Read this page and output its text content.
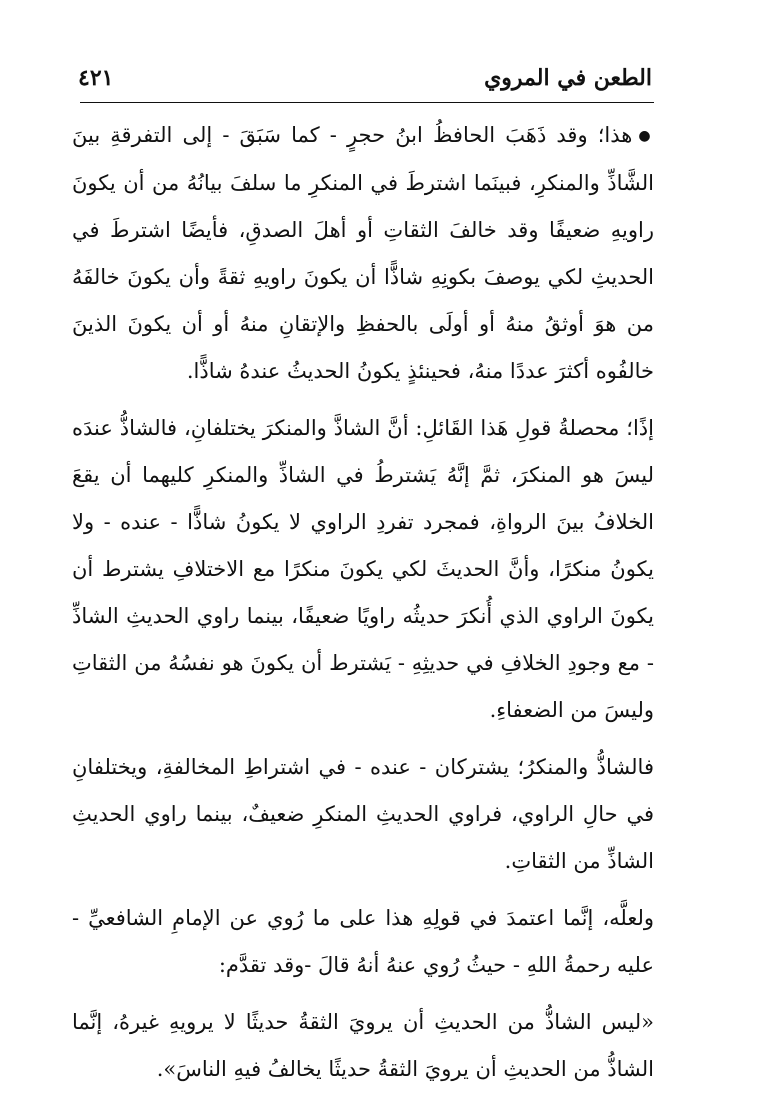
الطعن في المروي
٤٢١

●هذا؛ وقد ذَهَبَ الحافظُ ابنُ حجرٍ - كما سَبَقَ - إلى التفرقةِ بينَ الشَّاذِّ والمنكرِ، فبينَما اشترطَ في المنكرِ ما سلفَ بيانُهُ من أن يكونَ راويهِ ضعيفًا وقد خالفَ الثقاتِ أو أهلَ الصدقِ، فأيضًا اشترطَ في الحديثِ لكي يوصفَ بكونِهِ شاذًّا أن يكونَ راويهِ ثقةً وأن يكونَ خالفَهُ من هوَ أوثقُ منهُ أو أولَى بالحفظِ والإتقانِ منهُ أو أن يكونَ الذينَ خالفُوه أكثرَ عددًا منهُ، فحينئذٍ يكونُ الحديثُ عندهُ شاذًّا.

إذًا؛ محصلةُ قولِ هَذا القَائلِ: أنَّ الشاذَّ والمنكرَ يختلفانِ، فالشاذُّ عندَه ليسَ هو المنكرَ، ثمَّ إنَّهُ يَشترطُ في الشاذِّ والمنكرِ كليهما أن يقعَ الخلافُ بينَ الرواةِ، فمجرد تفردِ الراوي لا يكونُ شاذًّا - عنده - ولا يكونُ منكرًا، وأنَّ الحديثَ لكي يكونَ منكرًا مع الاختلافِ يشترط أن يكونَ الراوي الذي أُنكرَ حديثُه راويًا ضعيفًا، بينما راوي الحديثِ الشاذِّ - مع وجودِ الخلافِ في حديثِهِ - يَشترط أن يكونَ هو نفسُهُ من الثقاتِ وليسَ من الضعفاءِ.

فالشاذُّ والمنكرُ؛ يشتركان - عنده - في اشتراطِ المخالفةِ، ويختلفانِ في حالِ الراوي، فراوي الحديثِ المنكرِ ضعيفٌ، بينما راوي الحديثِ الشاذِّ من الثقاتِ.

ولعلَّه، إنَّما اعتمدَ في قولِهِ هذا على ما رُوي عن الإمامِ الشافعيِّ - عليه رحمةُ اللهِ - حيثُ رُوي عنهُ أنهُ قالَ -وقد تقدَّم:

«ليس الشاذُّ من الحديثِ أن يرويَ الثقةُ حديثًا لا يرويهِ غيرهُ، إنَّما الشاذُّ من الحديثِ أن يرويَ الثقةُ حديثًا يخالفُ فيهِ الناسَ».
